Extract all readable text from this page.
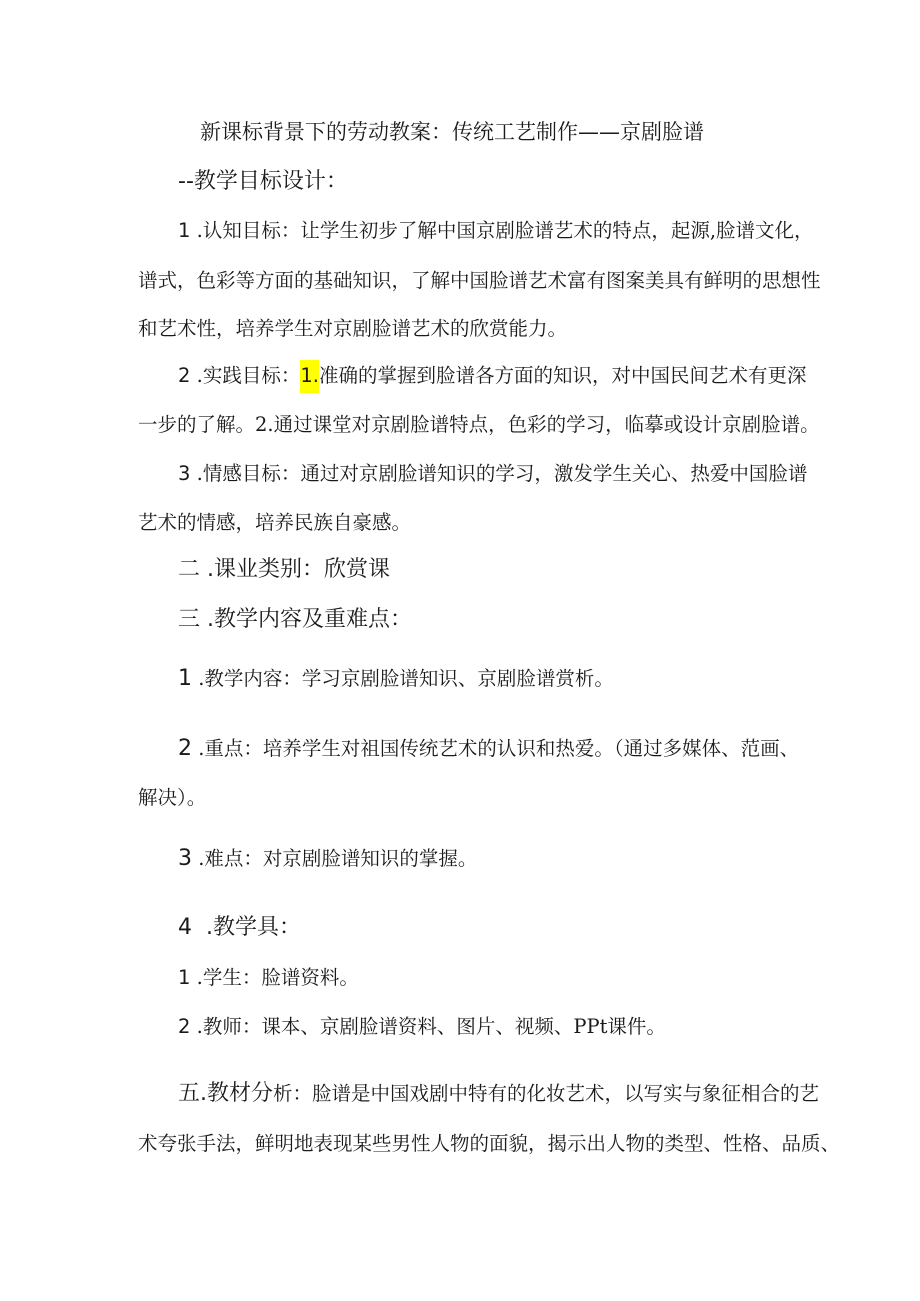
新课标背景下的劳动教案：传统工艺制作——京剧脸谱
--教学目标设计：
1 .认知目标：让学生初步了解中国京剧脸谱艺术的特点，起源,脸谱文化，
谱式，色彩等方面的基础知识，了解中国脸谱艺术富有图案美具有鲜明的思想性
和艺术性，培养学生对京剧脸谱艺术的欣赏能力。
2 .实践目标：1.准确的掌握到脸谱各方面的知识，对中国民间艺术有更深
一步的了解。2.通过课堂对京剧脸谱特点，色彩的学习，临摹或设计京剧脸谱。
3 .情感目标：通过对京剧脸谱知识的学习，激发学生关心、热爱中国脸谱
艺术的情感，培养民族自豪感。
二 .课业类别：欣赏课
三 .教学内容及重难点：
1 .教学内容：学习京剧脸谱知识、京剧脸谱赏析。
2 .重点：培养学生对祖国传统艺术的认识和热爱。（通过多媒体、范画、
解决）。
3 .难点：对京剧脸谱知识的掌握。
4  .教学具：
1 .学生：脸谱资料。
2 .教师：课本、京剧脸谱资料、图片、视频、PPt课件。
五.教材分析：脸谱是中国戏剧中特有的化妆艺术，以写实与象征相合的艺
术夸张手法，鲜明地表现某些男性人物的面貌，揭示出人物的类型、性格、品质、
